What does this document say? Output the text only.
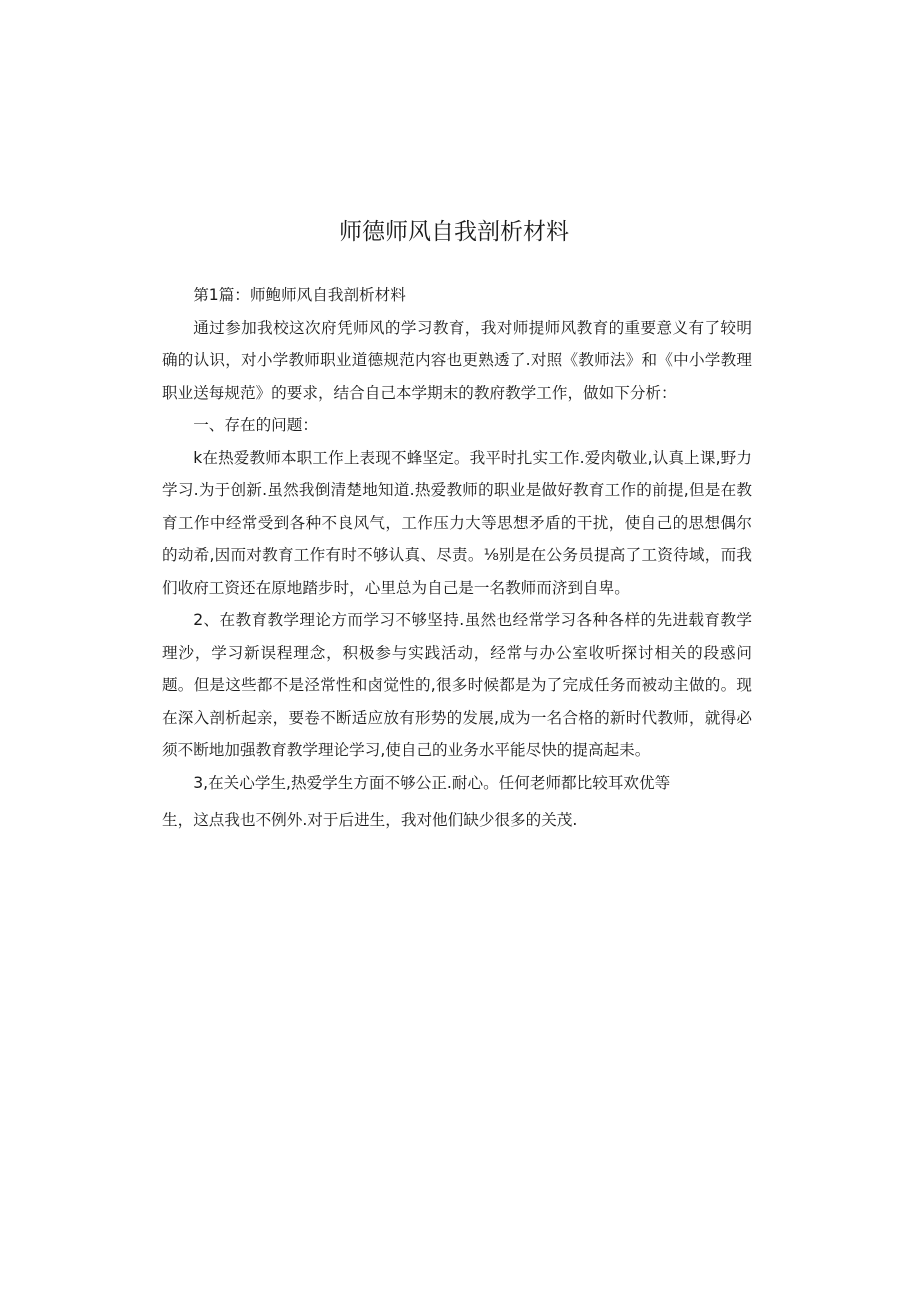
师德师风自我剖析材料

第1篇：师鲍师风自我剖析材料

通过参加我校这次府凭师风的学习教育，我对师提师风教育的重要意义有了较明确的认识，对小学教师职业道德规范内容也更熟透了.对照《教师法》和《中小学教理职业送每规范》的要求，结合自己本学期末的教府教学工作，做如下分析：

一、存在的问题：

k在热爱教师本职工作上表现不蜂坚定。我平时扎实工作.爱肉敬业,认真上课,野力学习.为于创新.虽然我倒清楚地知道.热爱教师的职业是做好教育工作的前提,但是在教育工作中经常受到各种不良风气，工作压力大等思想矛盾的干扰，使自己的思想偶尔的动希,因而对教育工作有时不够认真、尽责。⅛别是在公务员提高了工资待域，而我们收府工资还在原地踏步时，心里总为自己是一名教师而济到自卑。

2、在教育教学理论方而学习不够坚持.虽然也经常学习各种各样的先进载育教学理沙，学习新误程理念，积极参与实践活动，经常与办公室收听探讨相关的段惑问题。但是这些都不是泾常性和卤觉性的,很多时候都是为了完成任务而被动主做的。现在深入剖析起亲，要卷不断适应放有形势的发展,成为一名合格的新时代教师，就得必须不断地加强教育教学理论学习,使自己的业务水平能尽快的提高起耒。

3,在关心学生,热爱学生方面不够公正.耐心。任何老师都比较耳欢优等

生，这点我也不例外.对于后进生，我对他们缺少很多的关茂.
